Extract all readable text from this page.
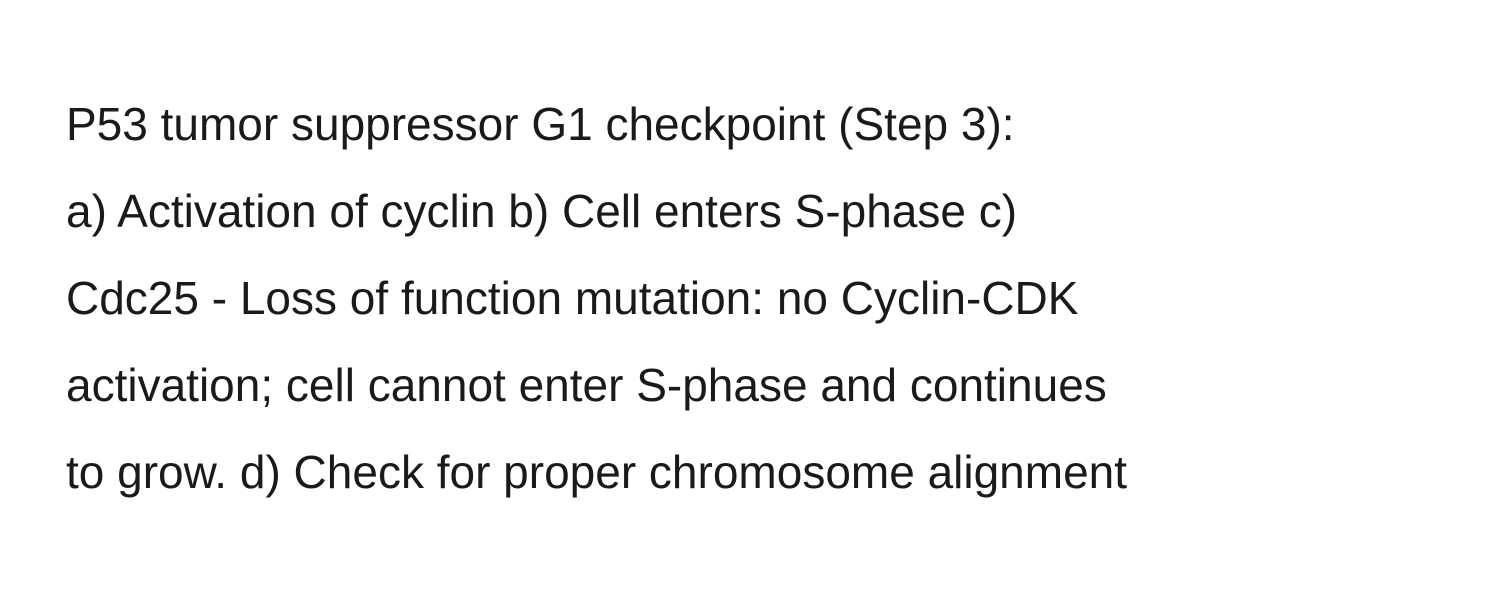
P53 tumor suppressor G1 checkpoint (Step 3):
a) Activation of cyclin b) Cell enters S-phase c)
Cdc25 - Loss of function mutation: no Cyclin-CDK
activation; cell cannot enter S-phase and continues
to grow. d) Check for proper chromosome alignment
